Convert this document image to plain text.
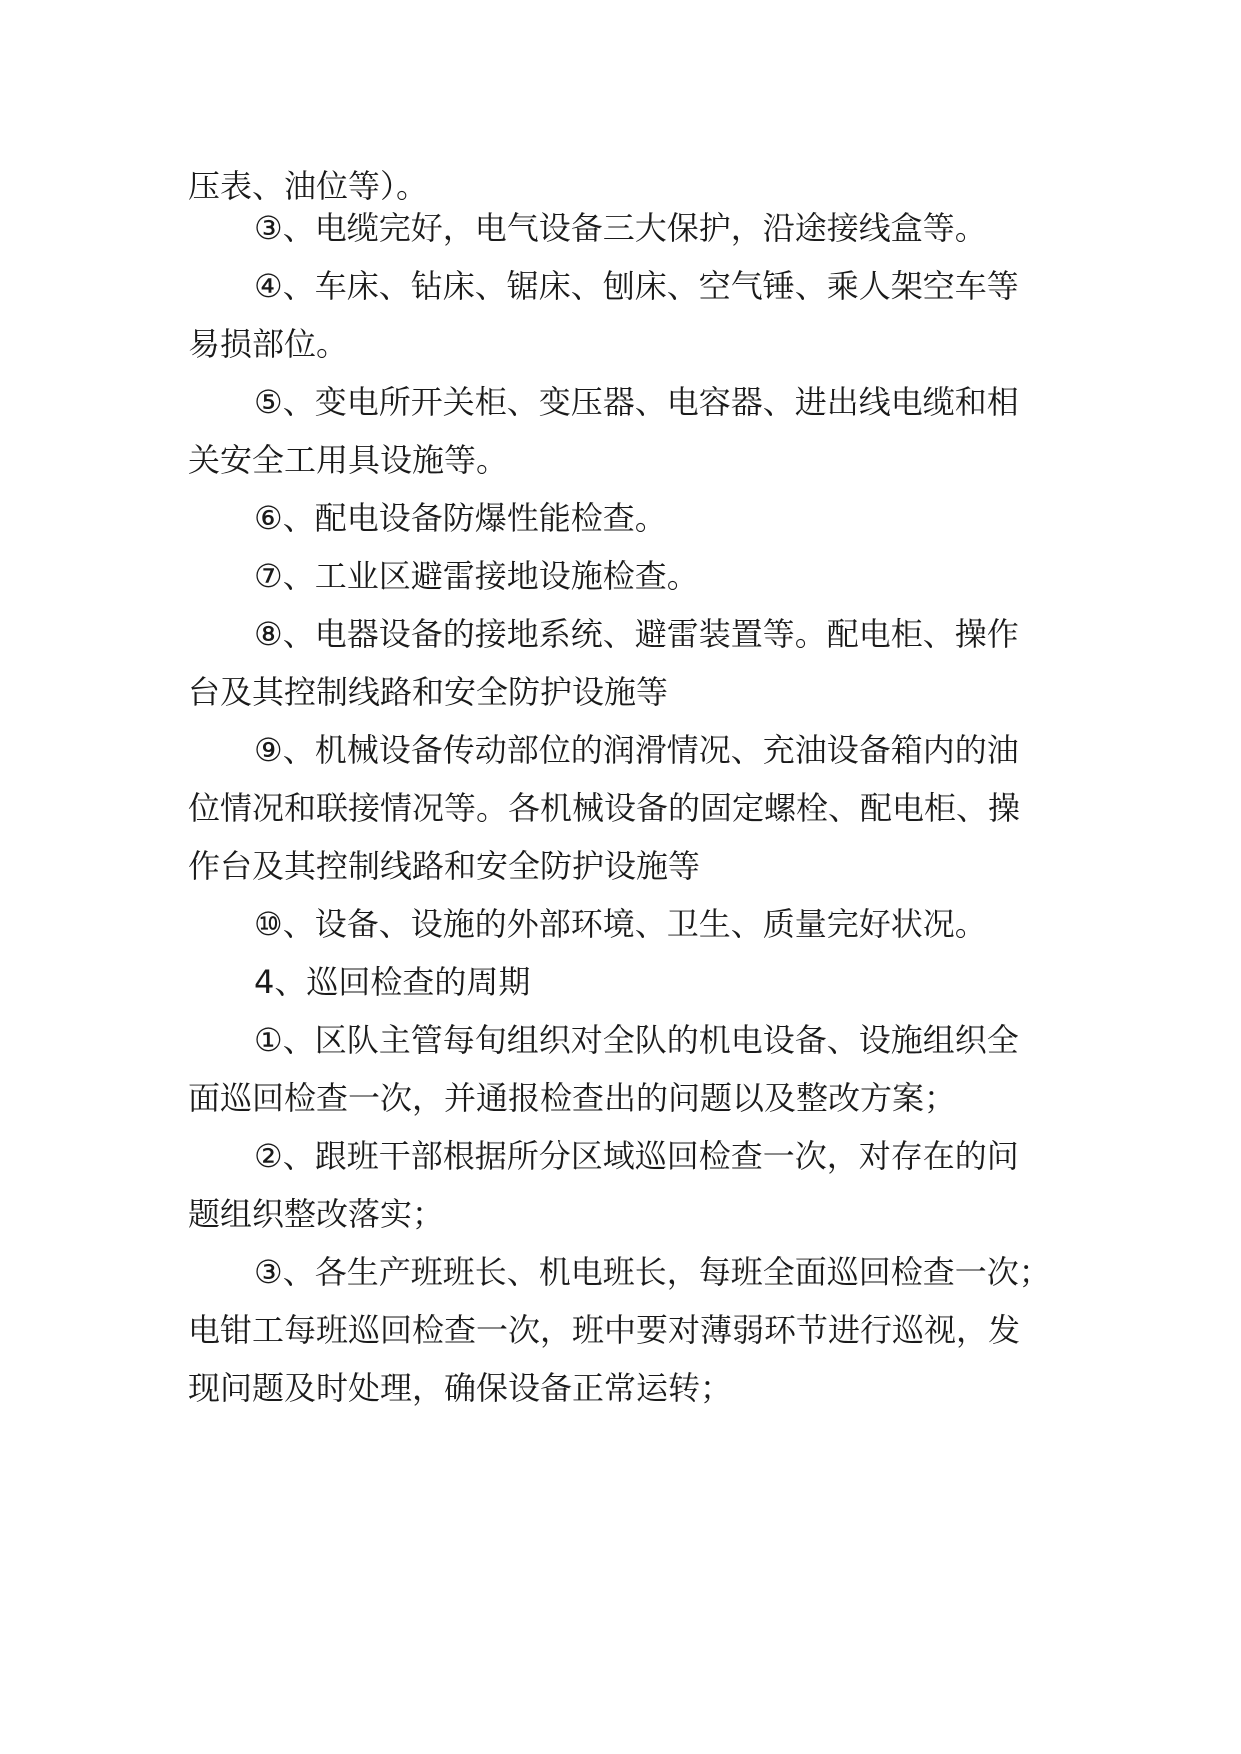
压表、油位等）。
③、电缆完好，电气设备三大保护，沿途接线盒等。
④、车床、钻床、锯床、刨床、空气锤、乘人架空车等
易损部位。
⑤、变电所开关柜、变压器、电容器、进出线电缆和相
关安全工用具设施等。
⑥、配电设备防爆性能检查。
⑦、工业区避雷接地设施检查。
⑧、电器设备的接地系统、避雷装置等。配电柜、操作
台及其控制线路和安全防护设施等
⑨、机械设备传动部位的润滑情况、充油设备箱内的油
位情况和联接情况等。各机械设备的固定螺栓、配电柜、操
作台及其控制线路和安全防护设施等
⑩、设备、设施的外部环境、卫生、质量完好状况。
4、巡回检查的周期
①、区队主管每旬组织对全队的机电设备、设施组织全
面巡回检查一次，并通报检查出的问题以及整改方案；
②、跟班干部根据所分区域巡回检查一次，对存在的问
题组织整改落实；
③、各生产班班长、机电班长，每班全面巡回检查一次；
电钳工每班巡回检查一次，班中要对薄弱环节进行巡视，发
现问题及时处理，确保设备正常运转；
